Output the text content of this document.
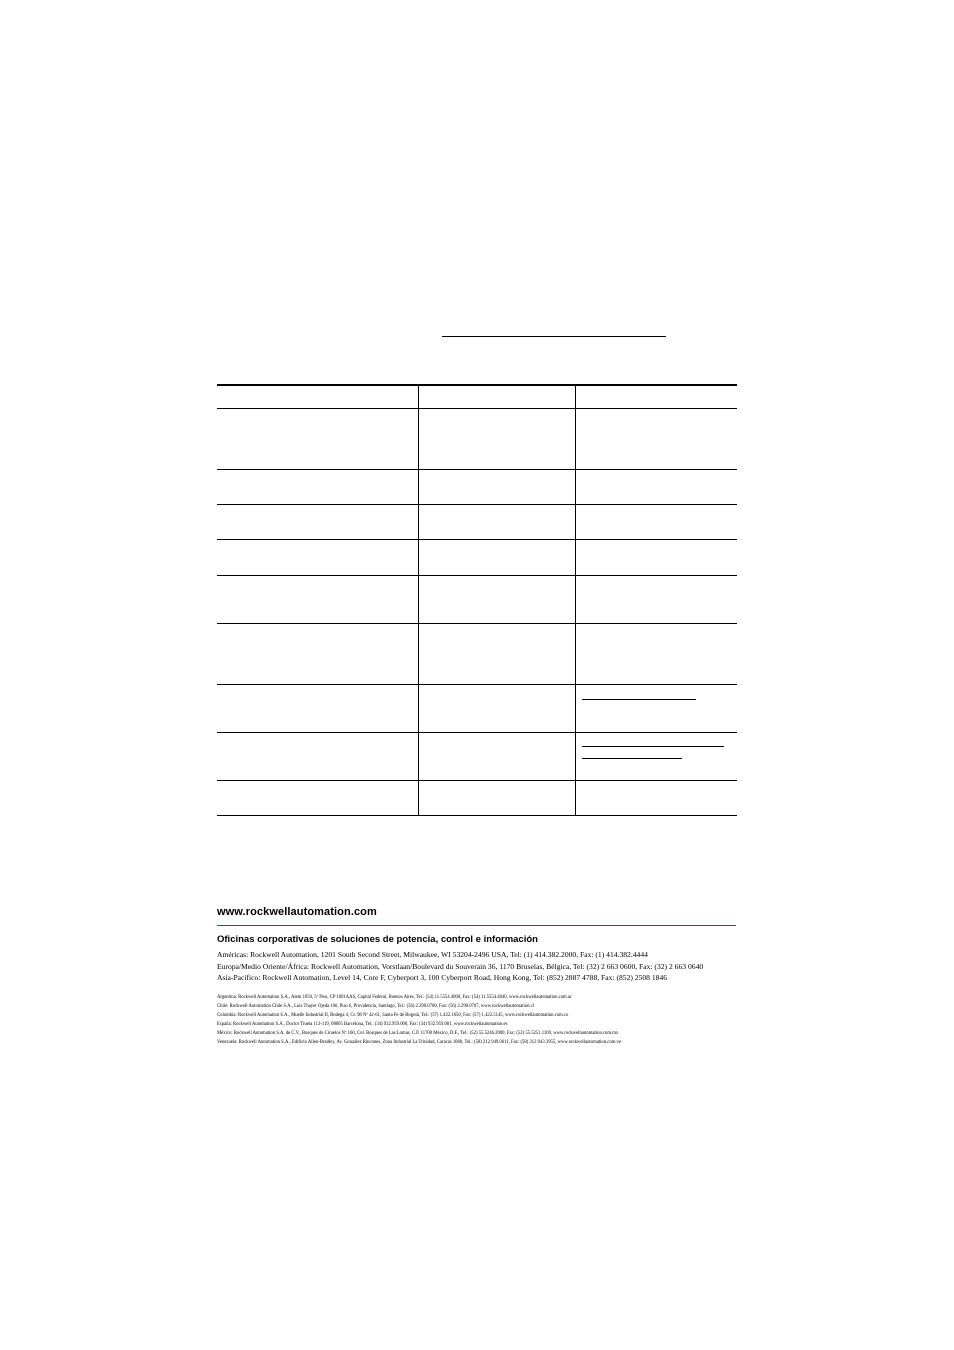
www.rockwellautomation.com
Oficinas corporativas de soluciones de potencia, control e información
Américas: Rockwell Automation, 1201 South Second Street, Milwaukee, WI 53204-2496 USA, Tel: (1) 414.382.2000, Fax: (1) 414.382.4444
Europa/Medio Oriente/África: Rockwell Automation, Vorstlaan/Boulevard du Souverain 36, 1170 Bruselas, Bélgica, Tel: (32) 2 663 0600, Fax: (32) 2 663 0640
Asia-Pacífico: Rockwell Automation, Level 14, Core F, Cyberport 3, 100 Cyberport Road, Hong Kong, Tel: (852) 2887 4788, Fax: (852) 2508 1846
Argentina: Rockwell Automation S.A., Alem 1050, 5º Piso, CP 1001AAS, Capital Federal, Buenos Aires, Tel.: (54) 11.5554.4000, Fax: (54) 11.5554.4040, www.rockwellautomation.com.ar
Chile: Rockwell Automation Chile S.A., Luis Thayer Ojeda 166, Piso 6, Providencia, Santiago, Tel.: (56) 2.290.0700, Fax: (56) 2.290.0707, www.rockwellautomation.cl
Colombia: Rockwell Automation S.A., Muelle Industrial II, Bodega 4, Cr. 98 Nº 42-61, Santa Fe de Bogotá, Tel.: (57) 1.422.1650, Fax: (57) 1.422.5145, www.rockwellautomation.com.co
España: Rockwell Automation S.A., Doctor Trueta 113-119, 08005 Barcelona, Tel.: (34) 932.959.000, Fax: (34) 932.959.001, www.rockwellautomation.es
México: Rockwell Automation S.A. de C.V., Bosques de Ciruelos Nº 160, Col. Bosques de Las Lomas, C.P. 11700 México, D.F., Tel.: (52) 55.5246.2000, Fax: (52) 55.5251.1169, www.rockwellautomation.com.mx
Venezuela: Rockwell Automation S.A., Edificio Allen-Bradley, Av. González Rincones, Zona Industrial La Trinidad, Caracas 1080, Tel.: (58) 212.949.0611, Fax: (58) 212.943.3955, www.rockwellautomation.com.ve
